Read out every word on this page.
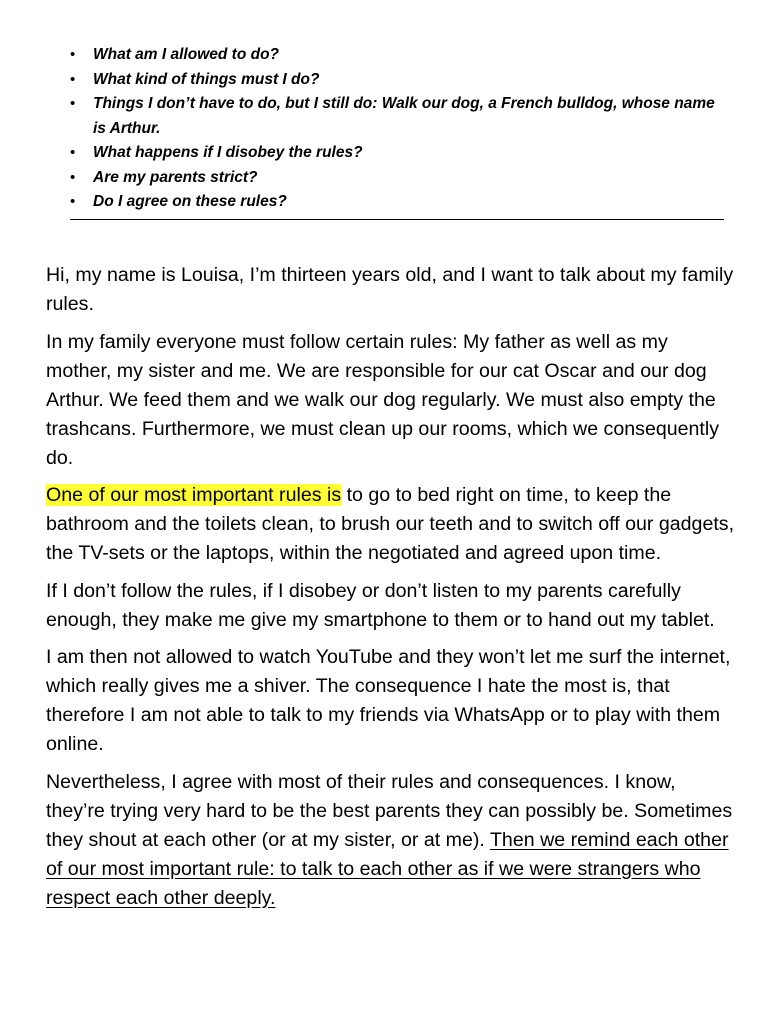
• What am I allowed to do?
• What kind of things must I do?
• Things I don’t have to do, but I still do: Walk our dog, a French bulldog, whose name is Arthur.
• What happens if I disobey the rules?
• Are my parents strict?
• Do I agree on these rules?

Hi, my name is Louisa, I’m thirteen years old, and I want to talk about my family rules.

In my family everyone must follow certain rules: My father as well as my mother, my sister and me. We are responsible for our cat Oscar and our dog Arthur. We feed them and we walk our dog regularly. We must also empty the trashcans. Furthermore, we must clean up our rooms, which we consequently do.

One of our most important rules is to go to bed right on time, to keep the bathroom and the toilets clean, to brush our teeth and to switch off our gadgets, the TV-sets or the laptops, within the negotiated and agreed upon time.

If I don’t follow the rules, if I disobey or don’t listen to my parents carefully enough, they make me give my smartphone to them or to hand out my tablet.

I am then not allowed to watch YouTube and they won’t let me surf the internet, which really gives me a shiver. The consequence I hate the most is, that therefore I am not able to talk to my friends via WhatsApp or to play with them online.

Nevertheless, I agree with most of their rules and consequences. I know, they’re trying very hard to be the best parents they can possibly be. Sometimes they shout at each other (or at my sister, or at me). Then we remind each other of our most important rule: to talk to each other as if we were strangers who respect each other deeply.
